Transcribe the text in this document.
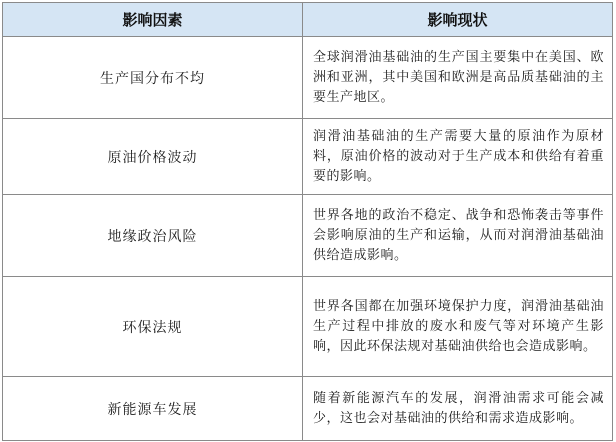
影响因素	影响现状
生产国分布不均	全球润滑油基础油的生产国主要集中在美国、欧洲和亚洲，其中美国和欧洲是高品质基础油的主要生产地区。
原油价格波动	润滑油基础油的生产需要大量的原油作为原材料，原油价格的波动对于生产成本和供给有着重要的影响。
地缘政治风险	世界各地的政治不稳定、战争和恐怖袭击等事件会影响原油的生产和运输，从而对润滑油基础油供给造成影响。
环保法规	世界各国都在加强环境保护力度，润滑油基础油生产过程中排放的废水和废气等对环境产生影响，因此环保法规对基础油供给也会造成影响。
新能源车发展	随着新能源汽车的发展，润滑油需求可能会减少，这也会对基础油的供给和需求造成影响。
